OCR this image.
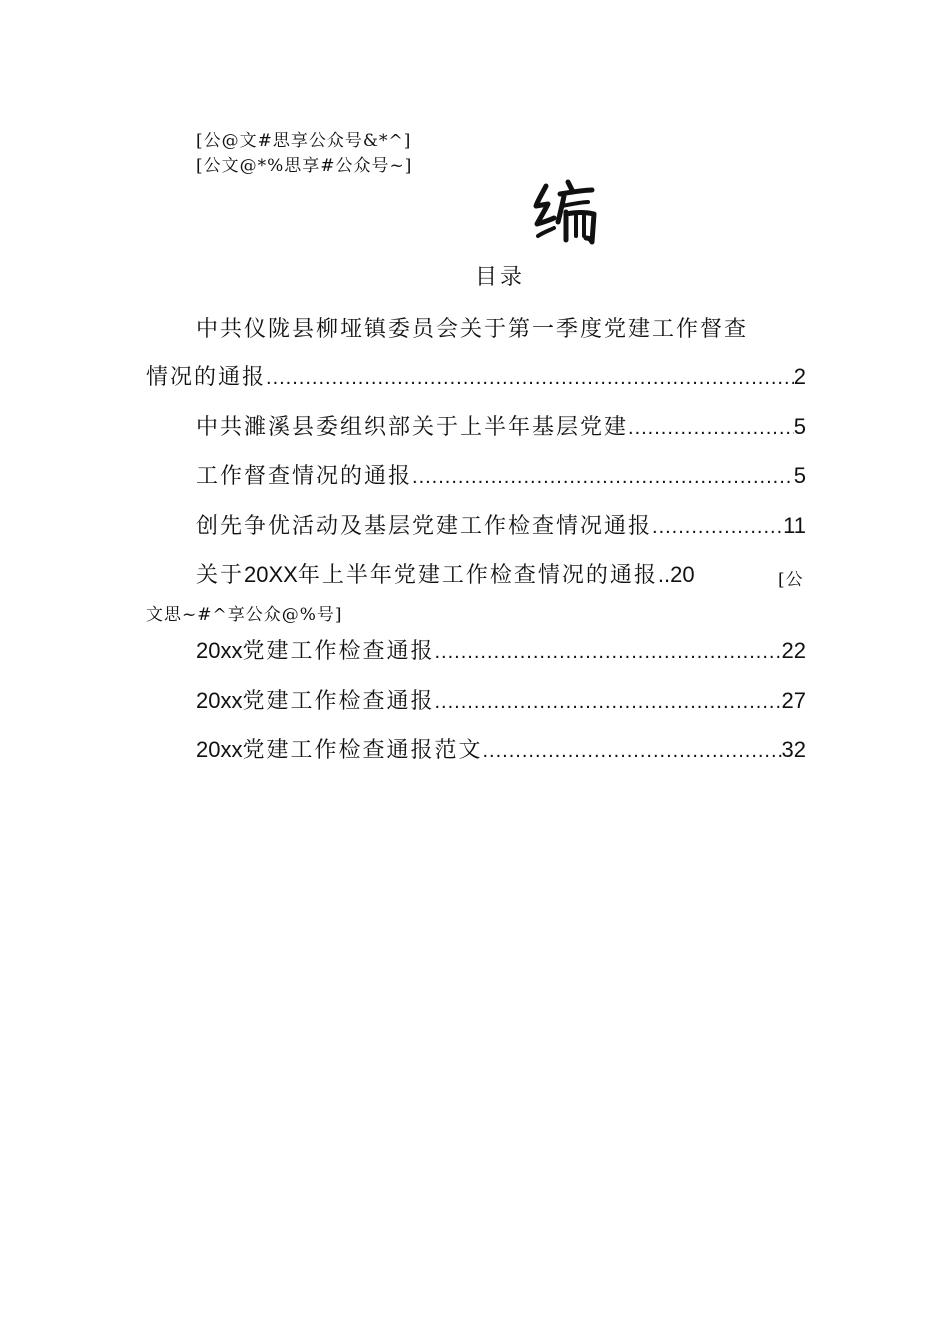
[公@文#思享公众号&*^]
[公文@*%思享#公众号~]
目录
中共仪陇县柳垭镇委员会关于第一季度党建工作督查
情况的通报 .....	2
中共濉溪县委组织部关于上半年基层党建 .....	5
工作督查情况的通报 .....	5
创先争优活动及基层党建工作检查情况通报 .....	11
关于20XX年上半年党建工作检查情况的通报..20	[公
文思~#^享公众@%号]
20xx党建工作检查通报 .....	22
20xx党建工作检查通报 .....	27
20xx党建工作检查通报范文 .....	32
